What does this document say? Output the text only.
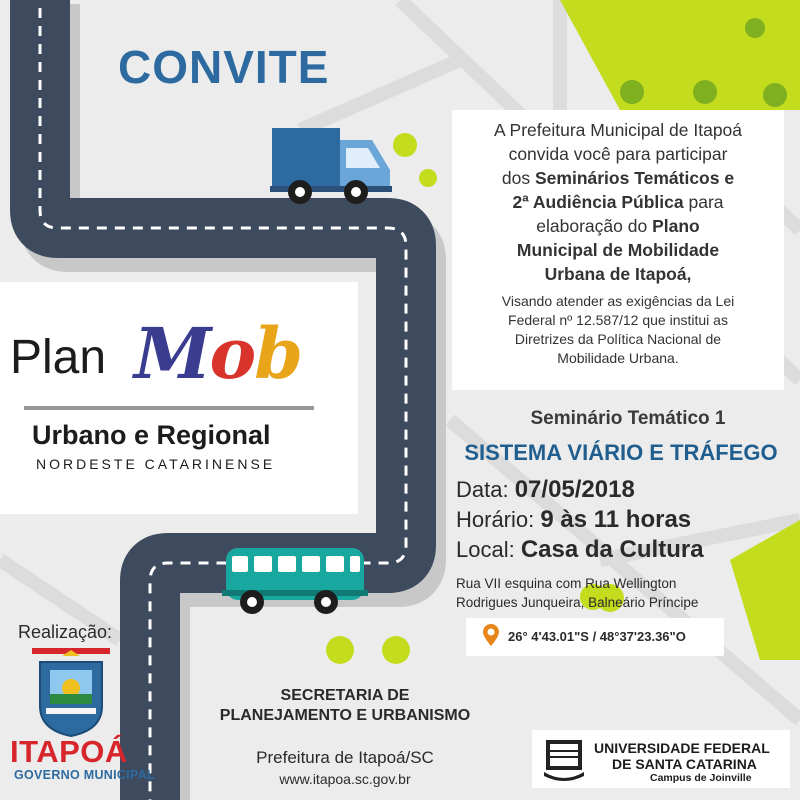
CONVITE

A Prefeitura Municipal de Itapoá

convida você para participar

dos Seminários Temáticos e

2ª Audiência Pública para

elaboração do Plano

Municipal de Mobilidade

Urbana de Itapoá,

Visando atender as exigências da Lei

Federal nº 12.587/12 que institui as

Diretrizes da Política Nacional de

Mobilidade Urbana.

Plan Mob
Urbano e Regional
NORDESTE CATARINENSE
Seminário Temático 1
SISTEMA VIÁRIO E TRÁFEGO
Data: 07/05/2018
Horário: 9 às 11 horas
Local: Casa da Cultura
Rua VII esquina com Rua Wellington
Rodrigues Junqueira, Balneário Príncipe
26° 4'43.01"S / 48°37'23.36"O
Realização:
ITAPOÁ
GOVERNO MUNICIPAL
SECRETARIA DE
PLANEJAMENTO E URBANISMO
Prefeitura de Itapoá/SC
www.itapoa.sc.gov.br
UNIVERSIDADE FEDERAL
DE SANTA CATARINA
Campus de Joinville
